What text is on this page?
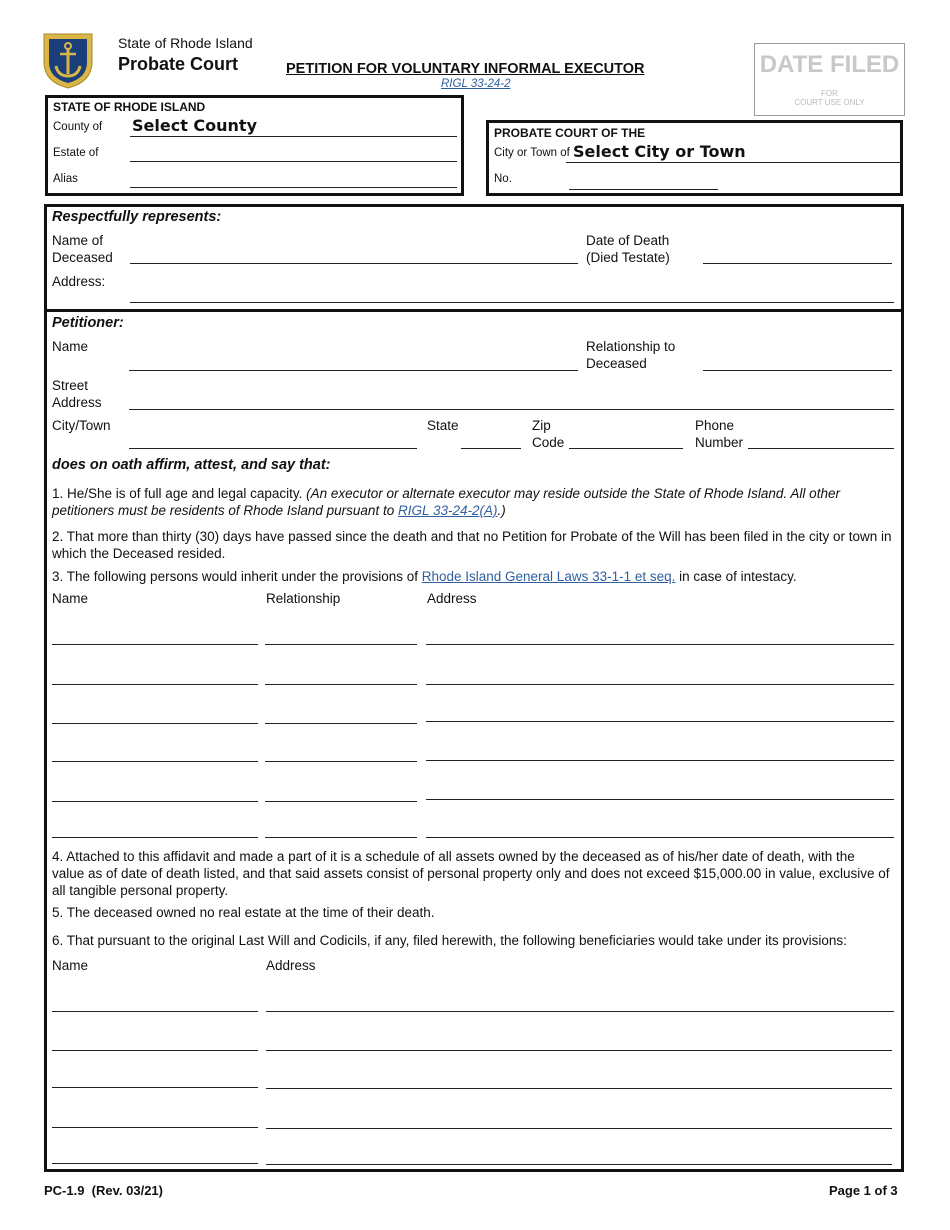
State of Rhode Island
Probate Court	PETITION FOR VOLUNTARY INFORMAL EXECUTOR
RIGL 33-24-2
DATE FILED
FOR
COURT USE ONLY
STATE OF RHODE ISLAND
County of Select County
Estate of
Alias
PROBATE COURT OF THE
City or Town of Select City or Town
No.
Respectfully represents:
Name of
Deceased
Date of Death
(Died Testate)
Address:
Petitioner:
Name	Relationship to
Deceased
Street
Address
City/Town	State	Zip
Code
Phone
Number
does on oath affirm, attest, and say that:
1. He/She is of full age and legal capacity. (An executor or alternate executor may reside outside the State of Rhode Island. All other petitioners must be residents of Rhode Island pursuant to RIGL 33-24-2(A).)
2. That more than thirty (30) days have passed since the death and that no Petition for Probate of the Will has been filed in the city or town in which the Deceased resided.
3. The following persons would inherit under the provisions of Rhode Island General Laws 33-1-1 et seq. in case of intestacy.
Name	Relationship	Address
4. Attached to this affidavit and made a part of it is a schedule of all assets owned by the deceased as of his/her date of death, with the value as of date of death listed, and that said assets consist of personal property only and does not exceed $15,000.00 in value, exclusive of all tangible personal property.
5. The deceased owned no real estate at the time of their death.
6. That pursuant to the original Last Will and Codicils, if any, filed herewith, the following beneficiaries would take under its provisions:
Name	Address
PC-1.9  (Rev. 03/21)	Page 1 of 3
